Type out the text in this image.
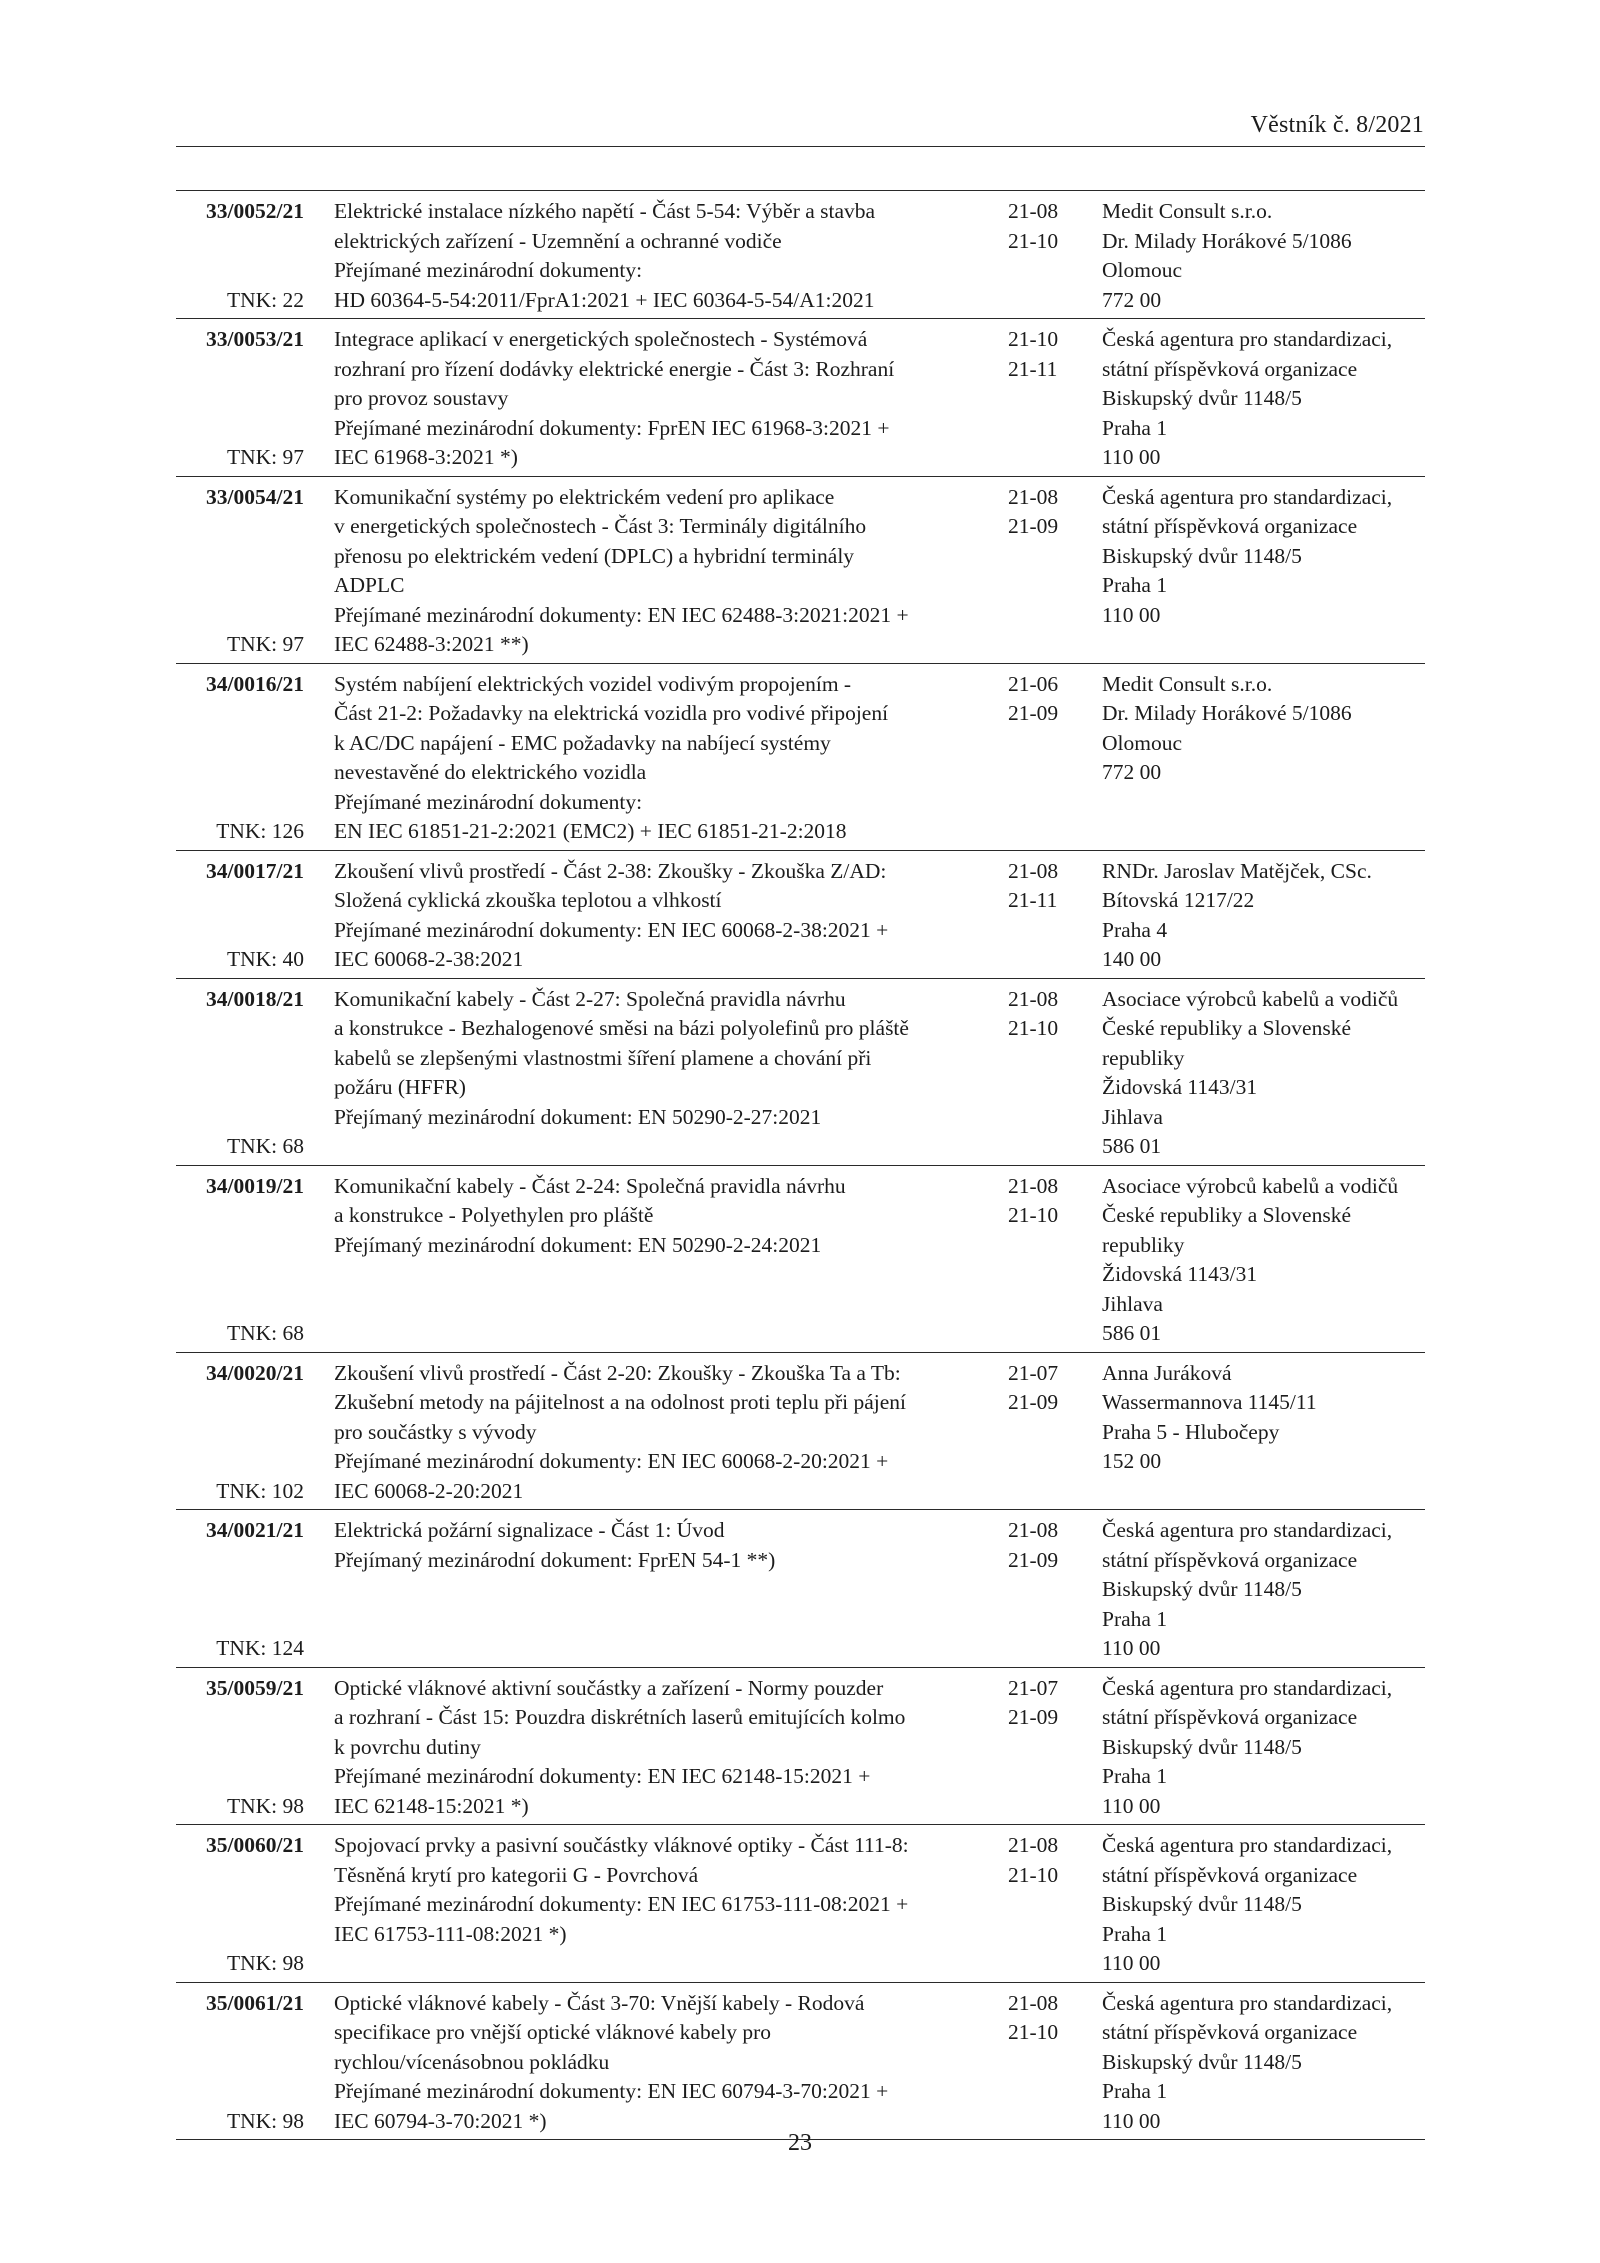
Věstník č. 8/2021
33/0052/21
TNK: 22
Elektrické instalace nízkého napětí - Část 5-54: Výběr a stavba
elektrických zařízení - Uzemnění a ochranné vodiče
Přejímané mezinárodní dokumenty:
HD 60364-5-54:2011/FprA1:2021 + IEC 60364-5-54/A1:2021
21-08
21-10
Medit Consult s.r.o.
Dr. Milady Horákové 5/1086
Olomouc
772 00
33/0053/21
TNK: 97
Integrace aplikací v energetických společnostech - Systémová
rozhraní pro řízení dodávky elektrické energie - Část 3: Rozhraní
pro provoz soustavy
Přejímané mezinárodní dokumenty: FprEN IEC 61968-3:2021 +
IEC 61968-3:2021 *)
21-10
21-11
Česká agentura pro standardizaci,
státní příspěvková organizace
Biskupský dvůr 1148/5
Praha 1
110 00
33/0054/21
TNK: 97
Komunikační systémy po elektrickém vedení pro aplikace
v energetických společnostech - Část 3: Terminály digitálního
přenosu po elektrickém vedení (DPLC) a hybridní terminály
ADPLC
Přejímané mezinárodní dokumenty: EN IEC 62488-3:2021:2021 +
IEC 62488-3:2021 **)
21-08
21-09
Česká agentura pro standardizaci,
státní příspěvková organizace
Biskupský dvůr 1148/5
Praha 1
110 00
34/0016/21
TNK: 126
Systém nabíjení elektrických vozidel vodivým propojením -
Část 21-2: Požadavky na elektrická vozidla pro vodivé připojení
k AC/DC napájení - EMC požadavky na nabíjecí systémy
nevestavěné do elektrického vozidla
Přejímané mezinárodní dokumenty:
EN IEC 61851-21-2:2021 (EMC2) + IEC 61851-21-2:2018
21-06
21-09
Medit Consult s.r.o.
Dr. Milady Horákové 5/1086
Olomouc
772 00
34/0017/21
TNK: 40
Zkoušení vlivů prostředí - Část 2-38: Zkoušky - Zkouška Z/AD:
Složená cyklická zkouška teplotou a vlhkostí
Přejímané mezinárodní dokumenty: EN IEC 60068-2-38:2021 +
IEC 60068-2-38:2021
21-08
21-11
RNDr. Jaroslav Matějček, CSc.
Bítovská 1217/22
Praha 4
140 00
34/0018/21
TNK: 68
Komunikační kabely - Část 2-27: Společná pravidla návrhu
a konstrukce - Bezhalogenové směsi na bázi polyolefinů pro pláště
kabelů se zlepšenými vlastnostmi šíření plamene a chování při
požáru (HFFR)
Přejímaný mezinárodní dokument: EN 50290-2-27:2021
21-08
21-10
Asociace výrobců kabelů a vodičů
České republiky a Slovenské
republiky
Židovská 1143/31
Jihlava
586 01
34/0019/21
TNK: 68
Komunikační kabely - Část 2-24: Společná pravidla návrhu
a konstrukce - Polyethylen pro pláště
Přejímaný mezinárodní dokument: EN 50290-2-24:2021
21-08
21-10
Asociace výrobců kabelů a vodičů
České republiky a Slovenské
republiky
Židovská 1143/31
Jihlava
586 01
34/0020/21
TNK: 102
Zkoušení vlivů prostředí - Část 2-20: Zkoušky - Zkouška Ta a Tb:
Zkušební metody na pájitelnost a na odolnost proti teplu při pájení
pro součástky s vývody
Přejímané mezinárodní dokumenty: EN IEC 60068-2-20:2021 +
IEC 60068-2-20:2021
21-07
21-09
Anna Juráková
Wassermannova 1145/11
Praha 5 - Hlubočepy
152 00
34/0021/21
TNK: 124
Elektrická požární signalizace - Část 1: Úvod
Přejímaný mezinárodní dokument: FprEN 54-1 **)
21-08
21-09
Česká agentura pro standardizaci,
státní příspěvková organizace
Biskupský dvůr 1148/5
Praha 1
110 00
35/0059/21
TNK: 98
Optické vláknové aktivní součástky a zařízení - Normy pouzder
a rozhraní - Část 15: Pouzdra diskrétních laserů emitujících kolmo
k povrchu dutiny
Přejímané mezinárodní dokumenty: EN IEC 62148-15:2021 +
IEC 62148-15:2021 *)
21-07
21-09
Česká agentura pro standardizaci,
státní příspěvková organizace
Biskupský dvůr 1148/5
Praha 1
110 00
35/0060/21
TNK: 98
Spojovací prvky a pasivní součástky vláknové optiky - Část 111-8:
Těsněná krytí pro kategorii G - Povrchová
Přejímané mezinárodní dokumenty: EN IEC 61753-111-08:2021 +
IEC 61753-111-08:2021 *)
21-08
21-10
Česká agentura pro standardizaci,
státní příspěvková organizace
Biskupský dvůr 1148/5
Praha 1
110 00
35/0061/21
TNK: 98
Optické vláknové kabely - Část 3-70: Vnější kabely - Rodová
specifikace pro vnější optické vláknové kabely pro
rychlou/vícenásobnou pokládku
Přejímané mezinárodní dokumenty: EN IEC 60794-3-70:2021 +
IEC 60794-3-70:2021 *)
21-08
21-10
Česká agentura pro standardizaci,
státní příspěvková organizace
Biskupský dvůr 1148/5
Praha 1
110 00
23
